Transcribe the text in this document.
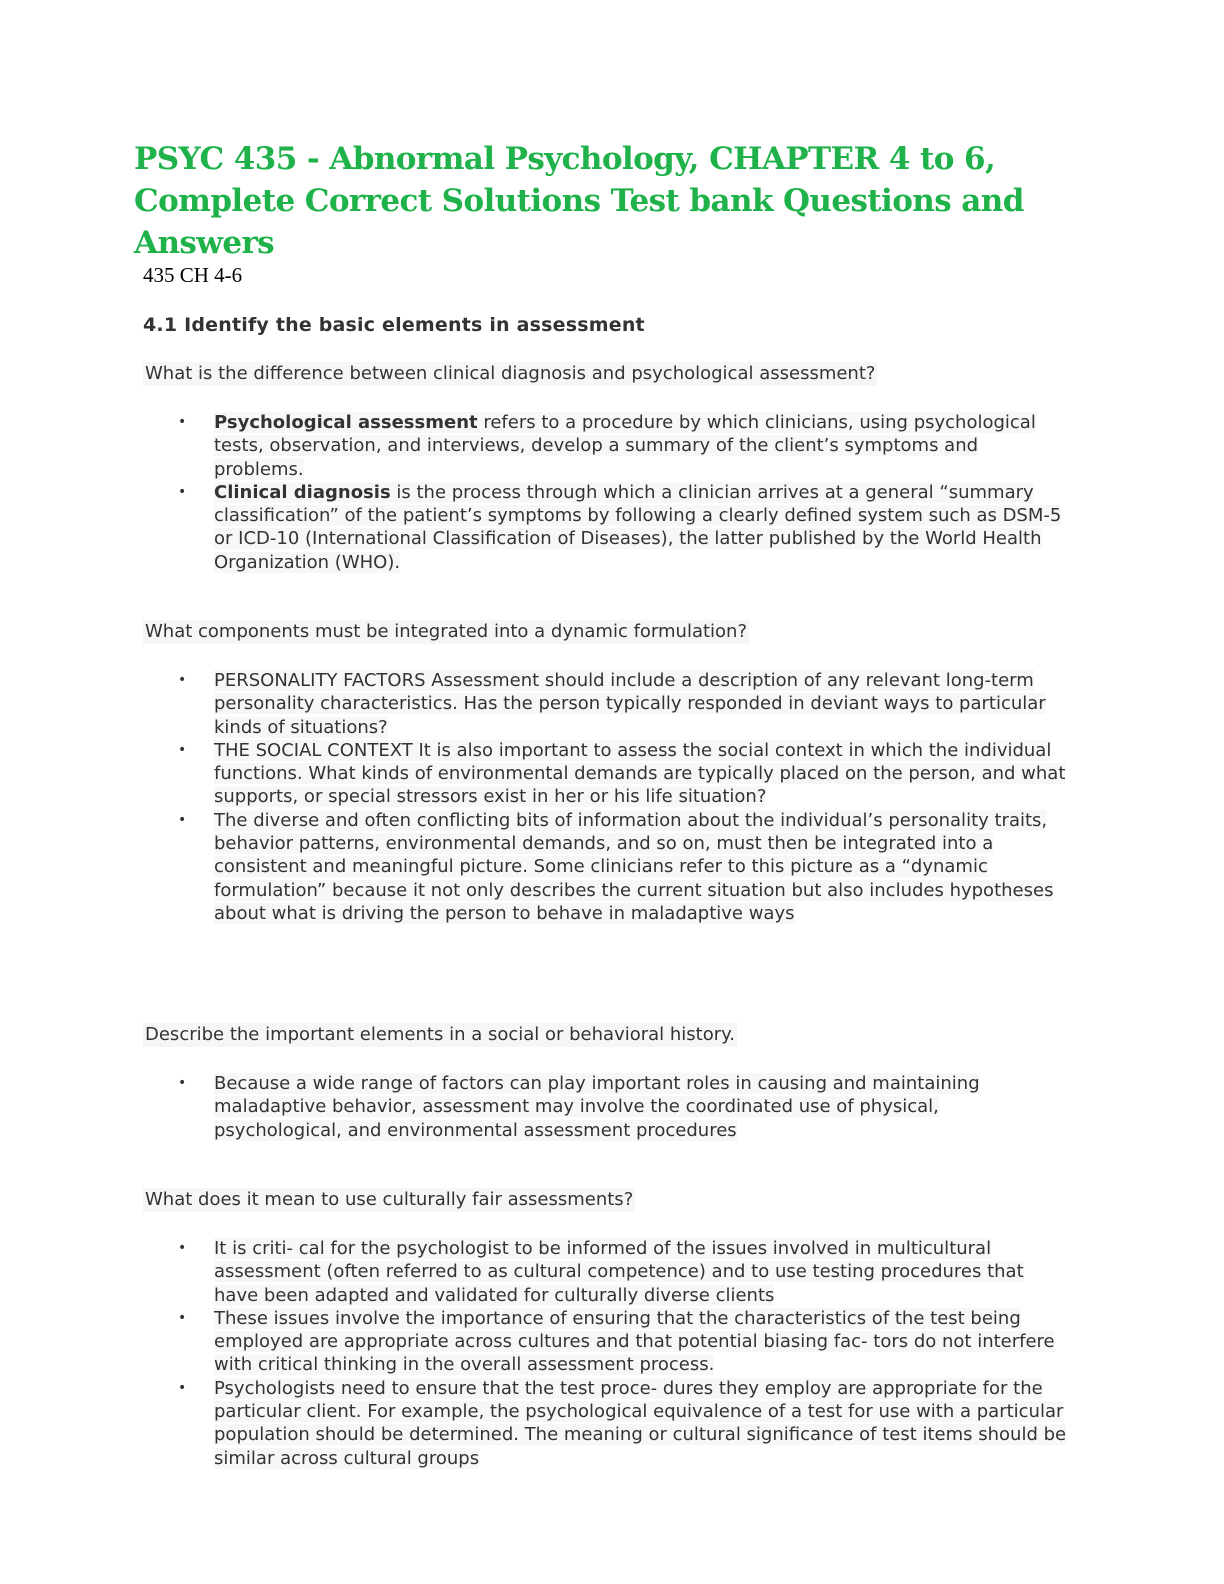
PSYC 435 - Abnormal Psychology, CHAPTER 4 to 6, Complete Correct Solutions Test bank Questions and Answers

435 CH 4-6

4.1 Identify the basic elements in assessment

What is the difference between clinical diagnosis and psychological assessment?

• Psychological assessment refers to a procedure by which clinicians, using psychological tests, observation, and interviews, develop a summary of the client’s symptoms and problems.
• Clinical diagnosis is the process through which a clinician arrives at a general “summary classification” of the patient’s symptoms by following a clearly defined system such as DSM-5 or ICD-10 (International Classification of Diseases), the latter published by the World Health Organization (WHO).

What components must be integrated into a dynamic formulation?

• PERSONALITY FACTORS Assessment should include a description of any relevant long-term personality characteristics. Has the person typically responded in deviant ways to particular kinds of situations?
• THE SOCIAL CONTEXT It is also important to assess the social context in which the individual functions. What kinds of environmental demands are typically placed on the person, and what supports, or special stressors exist in her or his life situation?
• The diverse and often conflicting bits of information about the individual’s personality traits, behavior patterns, environmental demands, and so on, must then be integrated into a consistent and meaningful picture. Some clinicians refer to this picture as a “dynamic formulation” because it not only describes the current situation but also includes hypotheses about what is driving the person to behave in maladaptive ways

Describe the important elements in a social or behavioral history.

• Because a wide range of factors can play important roles in causing and maintaining maladaptive behavior, assessment may involve the coordinated use of physical, psychological, and environmental assessment procedures

What does it mean to use culturally fair assessments?

• It is criti- cal for the psychologist to be informed of the issues involved in multicultural assessment (often referred to as cultural competence) and to use testing procedures that have been adapted and validated for culturally diverse clients
• These issues involve the importance of ensuring that the characteristics of the test being employed are appropriate across cultures and that potential biasing fac- tors do not interfere with critical thinking in the overall assessment process.
• Psychologists need to ensure that the test proce- dures they employ are appropriate for the particular client. For example, the psychological equivalence of a test for use with a particular population should be determined. The meaning or cultural significance of test items should be similar across cultural groups
